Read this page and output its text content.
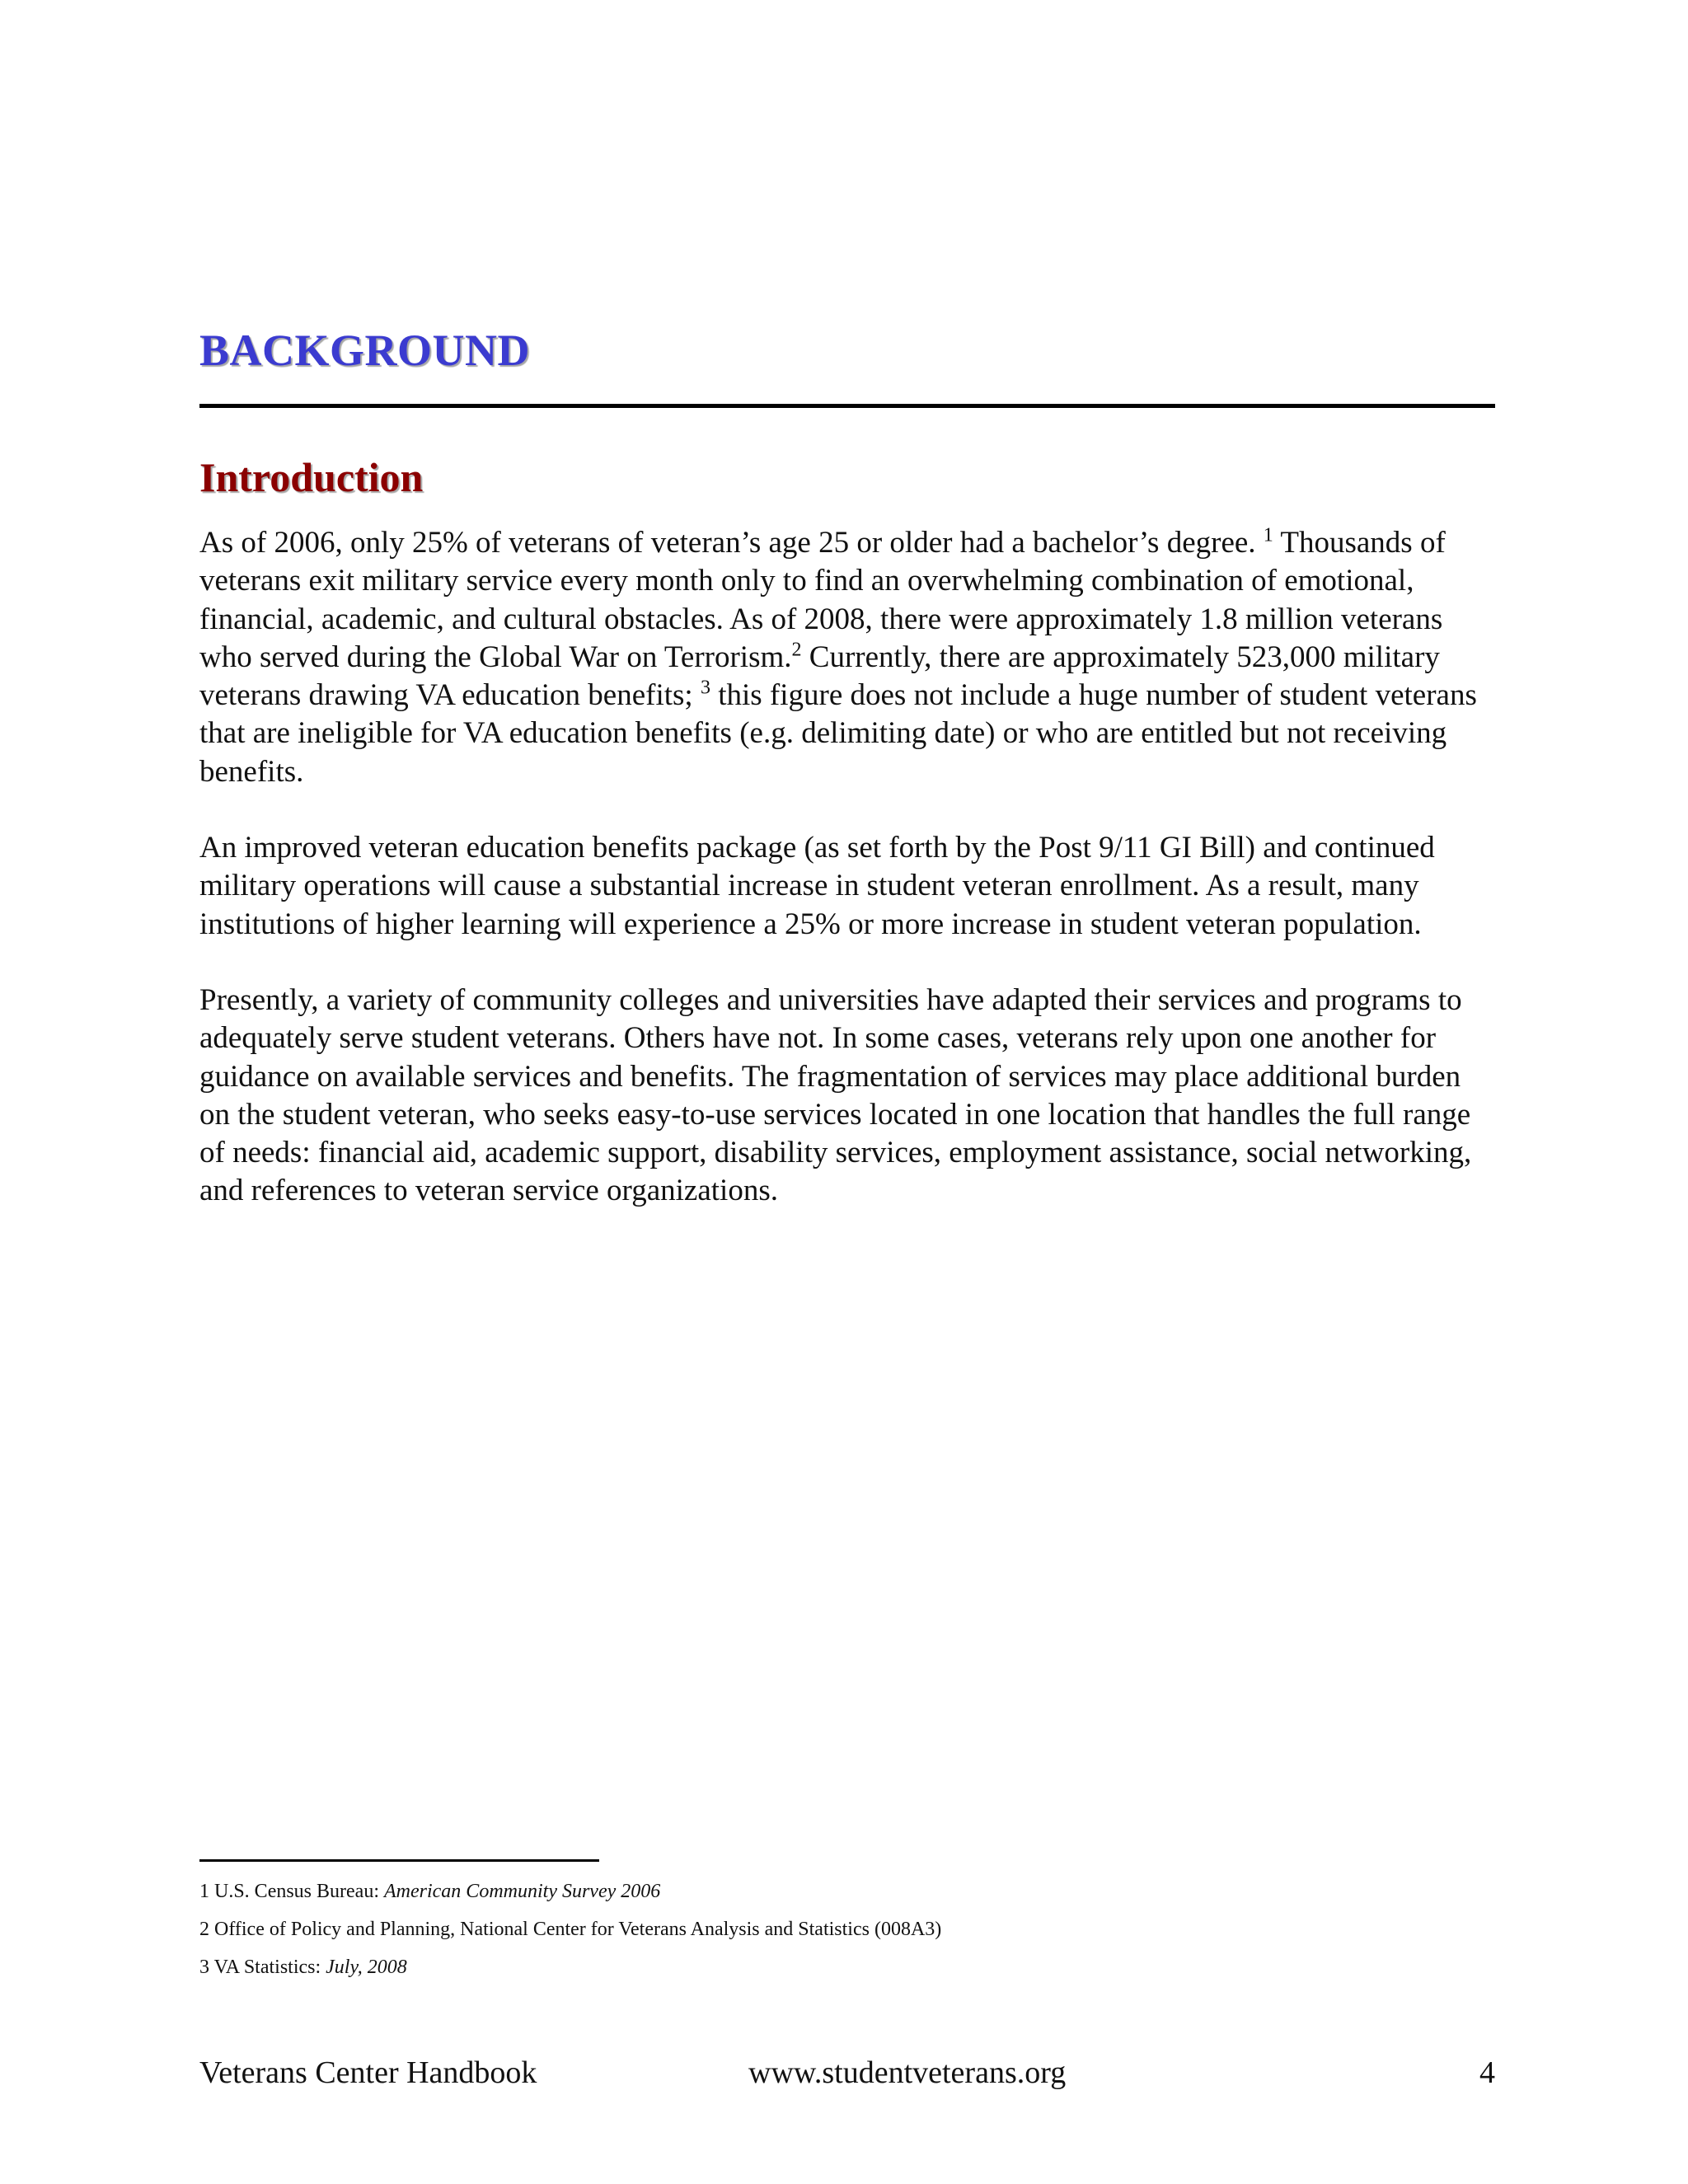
BACKGROUND
Introduction

As of 2006, only 25% of veterans of veteran’s age 25 or older had a bachelor’s degree. $^1$ Thousands of veterans exit military service every month only to find an overwhelming combination of emotional, financial, academic, and cultural obstacles. As of 2008, there were approximately 1.8 million veterans who served during the Global War on Terrorism.$^2$ Currently, there are approximately 523,000 military veterans drawing VA education benefits; $^3$ this figure does not include a huge number of student veterans that are ineligible for VA education benefits (e.g. delimiting date) or who are entitled but not receiving benefits.

An improved veteran education benefits package (as set forth by the Post 9/11 GI Bill) and continued military operations will cause a substantial increase in student veteran enrollment. As a result, many institutions of higher learning will experience a 25% or more increase in student veteran population.

Presently, a variety of community colleges and universities have adapted their services and programs to adequately serve student veterans. Others have not. In some cases, veterans rely upon one another for guidance on available services and benefits. The fragmentation of services may place additional burden on the student veteran, who seeks easy-to-use services located in one location that handles the full range of needs: financial aid, academic support, disability services, employment assistance, social networking, and references to veteran service organizations.

1 U.S. Census Bureau: American Community Survey 2006

2 Office of Policy and Planning, National Center for Veterans Analysis and Statistics (008A3)

3 VA Statistics: July, 2008

Veterans Center Handbook	www.studentveterans.org	4
